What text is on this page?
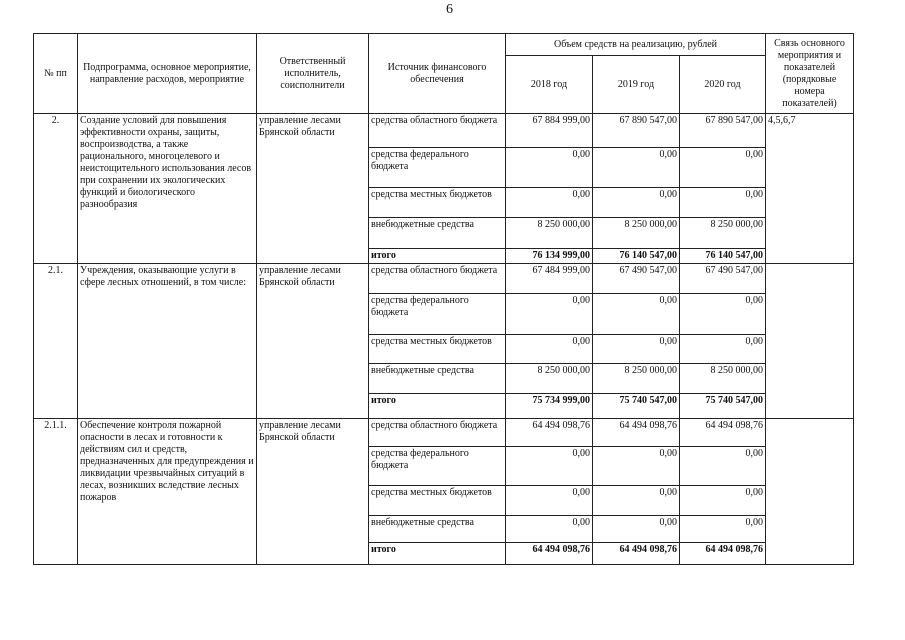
6
№ пп	Подпрограмма, основное мероприятие, направление расходов, мероприятие	Ответственный исполнитель, соисполнители	Источник финансового обеспечения	Объем средств на реализацию, рублей			Связь основного мероприятия и показателей (порядковые номера показателей)
				2018 год	2019 год	2020 год	
2.	Создание условий для повышения эффективности охраны, защиты, воспроизводства, а также рационального, многоцелевого и неистощительного использования лесов при сохранении их экологических функций и биологического разнообразия	управление лесами Брянской области	средства областного бюджета	67 884 999,00	67 890 547,00	67 890 547,00	4,5,6,7
			средства федерального бюджета	0,00	0,00	0,00	
			средства местных бюджетов	0,00	0,00	0,00	
			внебюджетные средства	8 250 000,00	8 250 000,00	8 250 000,00	
			итого	76 134 999,00	76 140 547,00	76 140 547,00	
2.1.	Учреждения, оказывающие услуги в сфере лесных отношений, в том числе:	управление лесами Брянской области	средства областного бюджета	67 484 999,00	67 490 547,00	67 490 547,00	
			средства федерального бюджета	0,00	0,00	0,00	
			средства местных бюджетов	0,00	0,00	0,00	
			внебюджетные средства	8 250 000,00	8 250 000,00	8 250 000,00	
			итого	75 734 999,00	75 740 547,00	75 740 547,00	
2.1.1.	Обеспечение контроля пожарной опасности в лесах и готовности к действиям сил и средств, предназначенных для предупреждения и ликвидации чрезвычайных ситуаций в лесах, возникших вследствие лесных пожаров	управление лесами Брянской области	средства областного бюджета	64 494 098,76	64 494 098,76	64 494 098,76	
			средства федерального бюджета	0,00	0,00	0,00	
			средства местных бюджетов	0,00	0,00	0,00	
			внебюджетные средства	0,00	0,00	0,00	
			итого	64 494 098,76	64 494 098,76	64 494 098,76	
